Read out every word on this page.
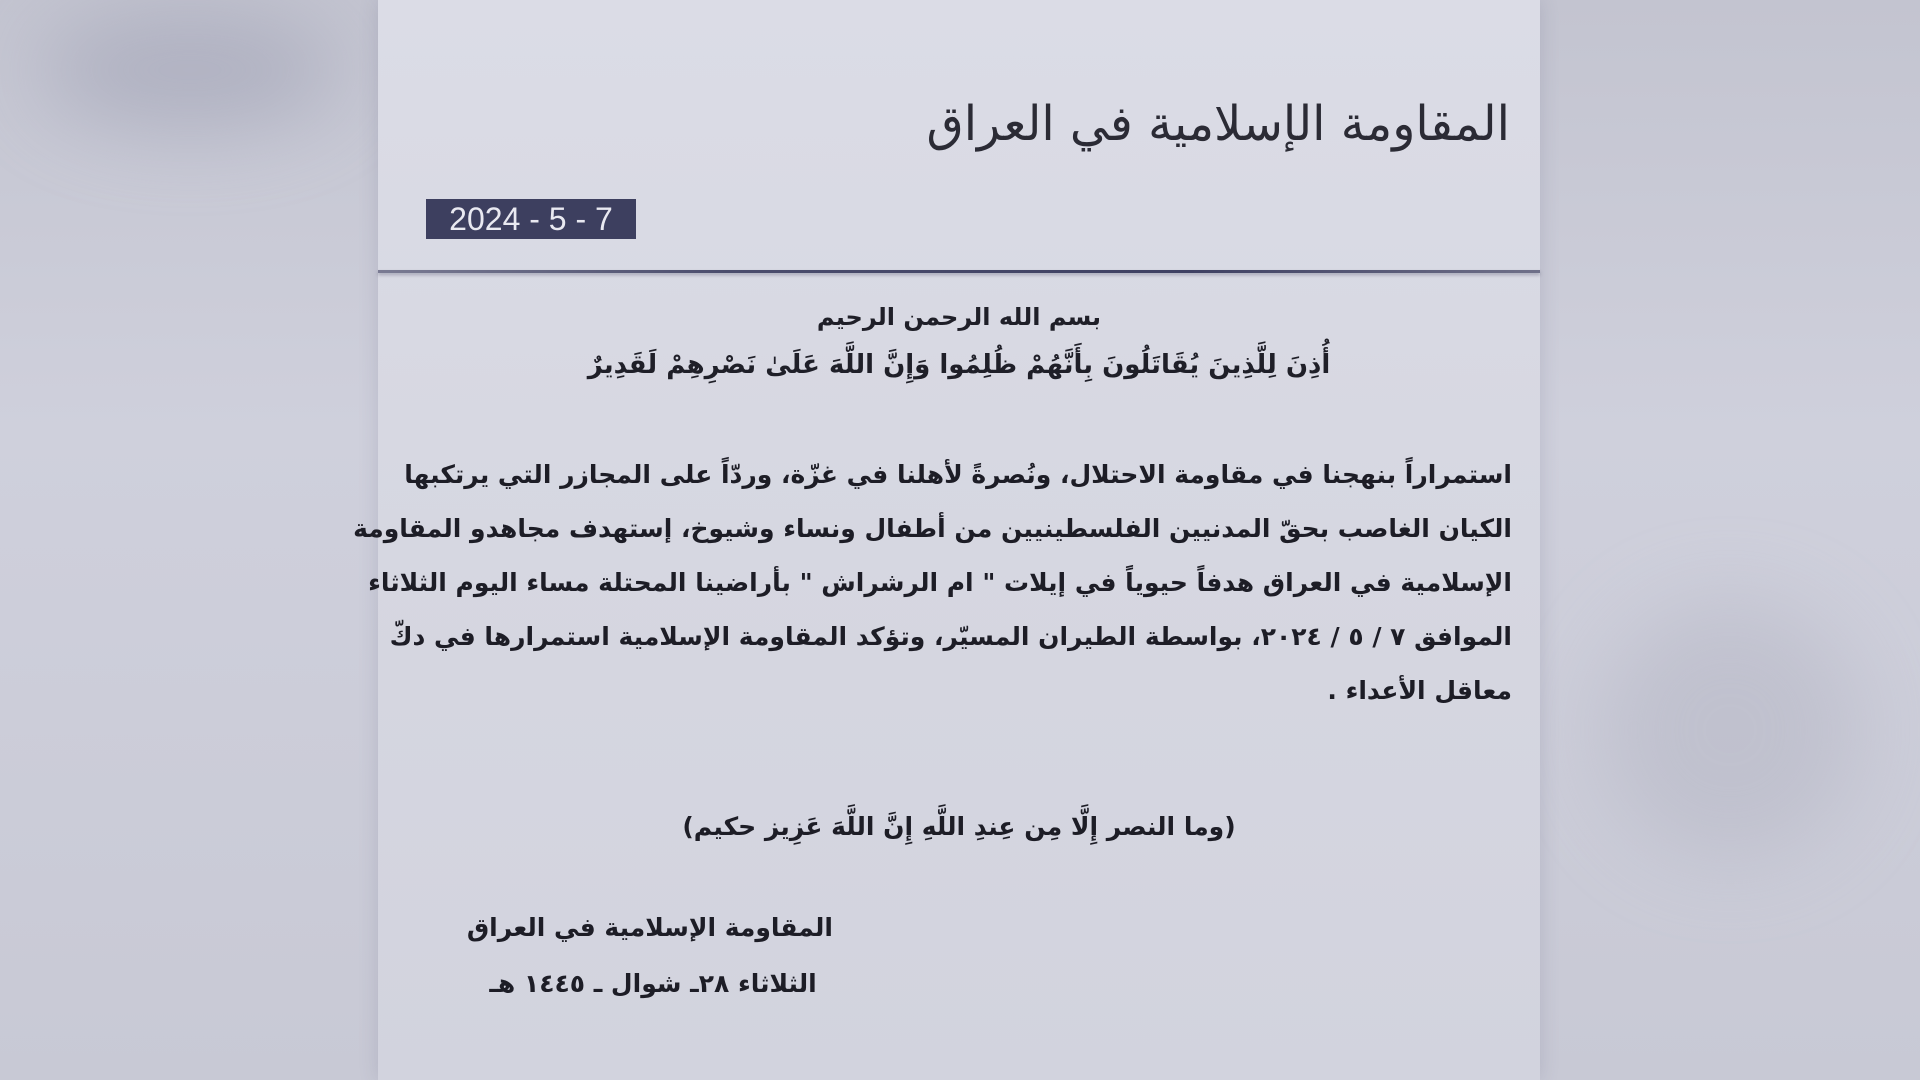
المقاومة الإسلامية في العراق
2024 - 5 - 7
بسم الله الرحمن الرحيم
أُذِنَ لِلَّذِينَ يُقَاتَلُونَ بِأَنَّهُمْ ظُلِمُوا وَإِنَّ اللَّهَ عَلَىٰ نَصْرِهِمْ لَقَدِيرٌ
استمراراً بنهجنا في مقاومة الاحتلال، ونُصرةً لأهلنا في غزّة، وردّاً على المجازر التي يرتكبها
الكيان الغاصب بحقّ المدنيين الفلسطينيين من أطفال ونساء وشيوخ، إستهدف مجاهدو المقاومة
الإسلامية في العراق هدفاً حيوياً في إيلات " ام الرشراش " بأراضينا المحتلة مساء اليوم الثلاثاء
الموافق ٧ / ٥ / ٢٠٢٤، بواسطة الطيران المسيّر، وتؤكد المقاومة الإسلامية استمرارها في دكّ
معاقل الأعداء .
(وما النصر إِلَّا مِن عِندِ اللَّهِ إِنَّ اللَّهَ عَزِيز حكيم)
المقاومة الإسلامية في العراق
الثلاثاء ٢٨ـ شوال ـ ١٤٤٥ هـ
